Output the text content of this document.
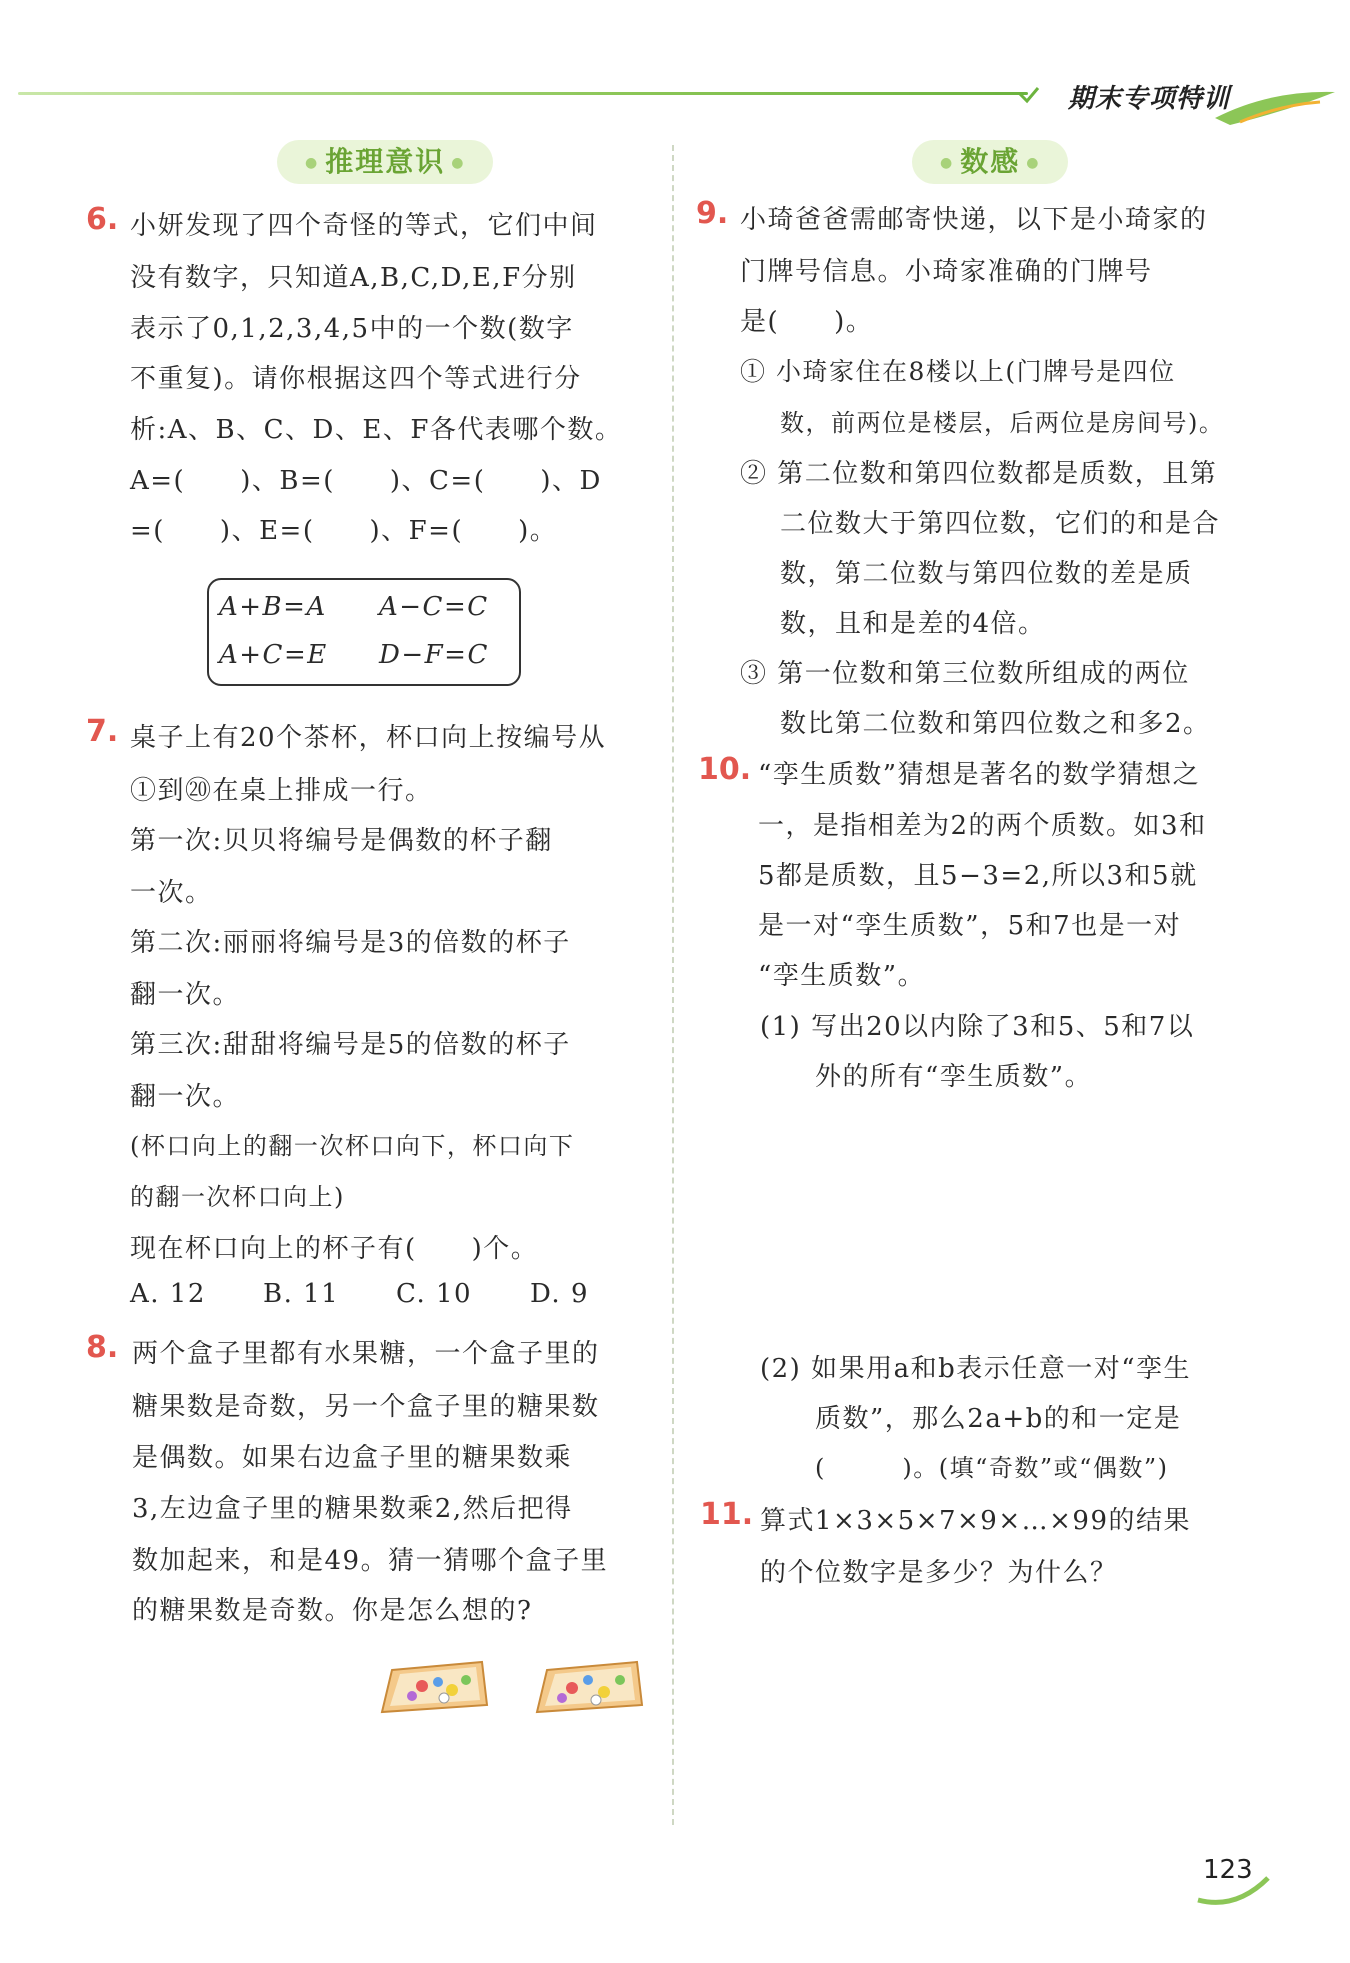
期末专项特训
● 推理意识 ●	● 数感 ●
6. 小妍发现了四个奇怪的等式，它们中间
没有数字，只知道A,B,C,D,E,F分别
表示了0,1,2,3,4,5中的一个数(数字
不重复)。请你根据这四个等式进行分
析:A、B、C、D、E、F各代表哪个数。
A=(　　)、B=(　　)、C=(　　)、D
=(　　)、E=(　　)、F=(　　)。
A+B=A A−C=C
A+C=E D−F=C
7. 桌子上有20个茶杯，杯口向上按编号从
①到⑳在桌上排成一行。
第一次:贝贝将编号是偶数的杯子翻
一次。
第二次:丽丽将编号是3的倍数的杯子
翻一次。
第三次:甜甜将编号是5的倍数的杯子
翻一次。
(杯口向上的翻一次杯口向下，杯口向下
的翻一次杯口向上)
现在杯口向上的杯子有(　　)个。
A. 12 B. 11 C. 10 D. 9
8. 两个盒子里都有水果糖，一个盒子里的
糖果数是奇数，另一个盒子里的糖果数
是偶数。如果右边盒子里的糖果数乘
3,左边盒子里的糖果数乘2,然后把得
数加起来，和是49。猜一猜哪个盒子里
的糖果数是奇数。你是怎么想的?
9. 小琦爸爸需邮寄快递，以下是小琦家的
门牌号信息。小琦家准确的门牌号
是(　　)。
① 小琦家住在8楼以上(门牌号是四位
数，前两位是楼层，后两位是房间号)。
② 第二位数和第四位数都是质数，且第
二位数大于第四位数，它们的和是合
数，第二位数与第四位数的差是质
数，且和是差的4倍。
③ 第一位数和第三位数所组成的两位
数比第二位数和第四位数之和多2。
10. “孪生质数”猜想是著名的数学猜想之
一，是指相差为2的两个质数。如3和
5都是质数，且5−3=2,所以3和5就
是一对“孪生质数”，5和7也是一对
“孪生质数”。
(1) 写出20以内除了3和5、5和7以
外的所有“孪生质数”。
(2) 如果用a和b表示任意一对“孪生
质数”，那么2a+b的和一定是
(　　　)。(填“奇数”或“偶数”)
11. 算式1×3×5×7×9×…×99的结果
的个位数字是多少？为什么？
123
